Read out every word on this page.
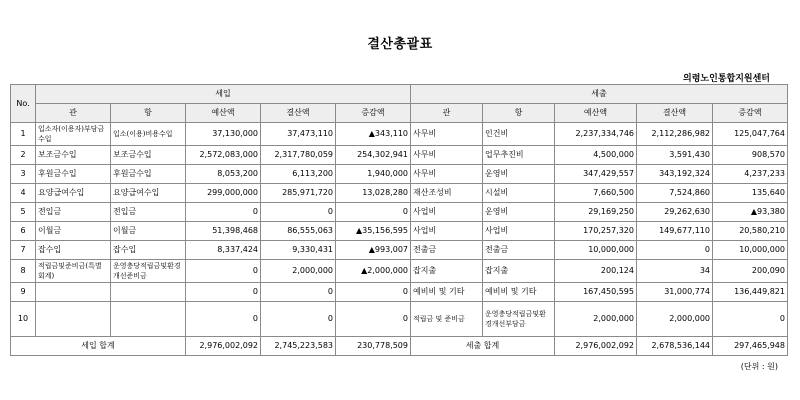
결산총괄표
의령노인통합지원센터
No.	세입					세출				
	관	항	예산액	결산액	증감액	관	항	예산액	결산액	증감액
1	입소자(이용자)부담금수입	입소(이용)비용수입	37,130,000	37,473,110	▲343,110	사무비	인건비	2,237,334,746	2,112,286,982	125,047,764
2	보조금수입	보조금수입	2,572,083,000	2,317,780,059	254,302,941	사무비	업무추진비	4,500,000	3,591,430	908,570
3	후원금수입	후원금수입	8,053,200	6,113,200	1,940,000	사무비	운영비	347,429,557	343,192,324	4,237,233
4	요양급여수입	요양급여수입	299,000,000	285,971,720	13,028,280	재산조성비	시설비	7,660,500	7,524,860	135,640
5	전입금	전입금	0	0	0	사업비	운영비	29,169,250	29,262,630	▲93,380
6	이월금	이월금	51,398,468	86,555,063	▲35,156,595	사업비	사업비	170,257,320	149,677,110	20,580,210
7	잡수입	잡수입	8,337,424	9,330,431	▲993,007	전출금	전출금	10,000,000	0	10,000,000
8	적립금및준비금(특별회계)	운영충당적립금및환경개선준비금	0	2,000,000	▲2,000,000	잡지출	잡지출	200,124	34	200,090
9			0	0	0	예비비 및 기타	예비비 및 기타	167,450,595	31,000,774	136,449,821
10			0	0	0	적립금 및 준비금	운영충당적립금및환경개선부담금	2,000,000	2,000,000	0
세입 합계			2,976,002,092	2,745,223,583	230,778,509	세출 합계		2,976,002,092	2,678,536,144	297,465,948
(단위 : 원)
